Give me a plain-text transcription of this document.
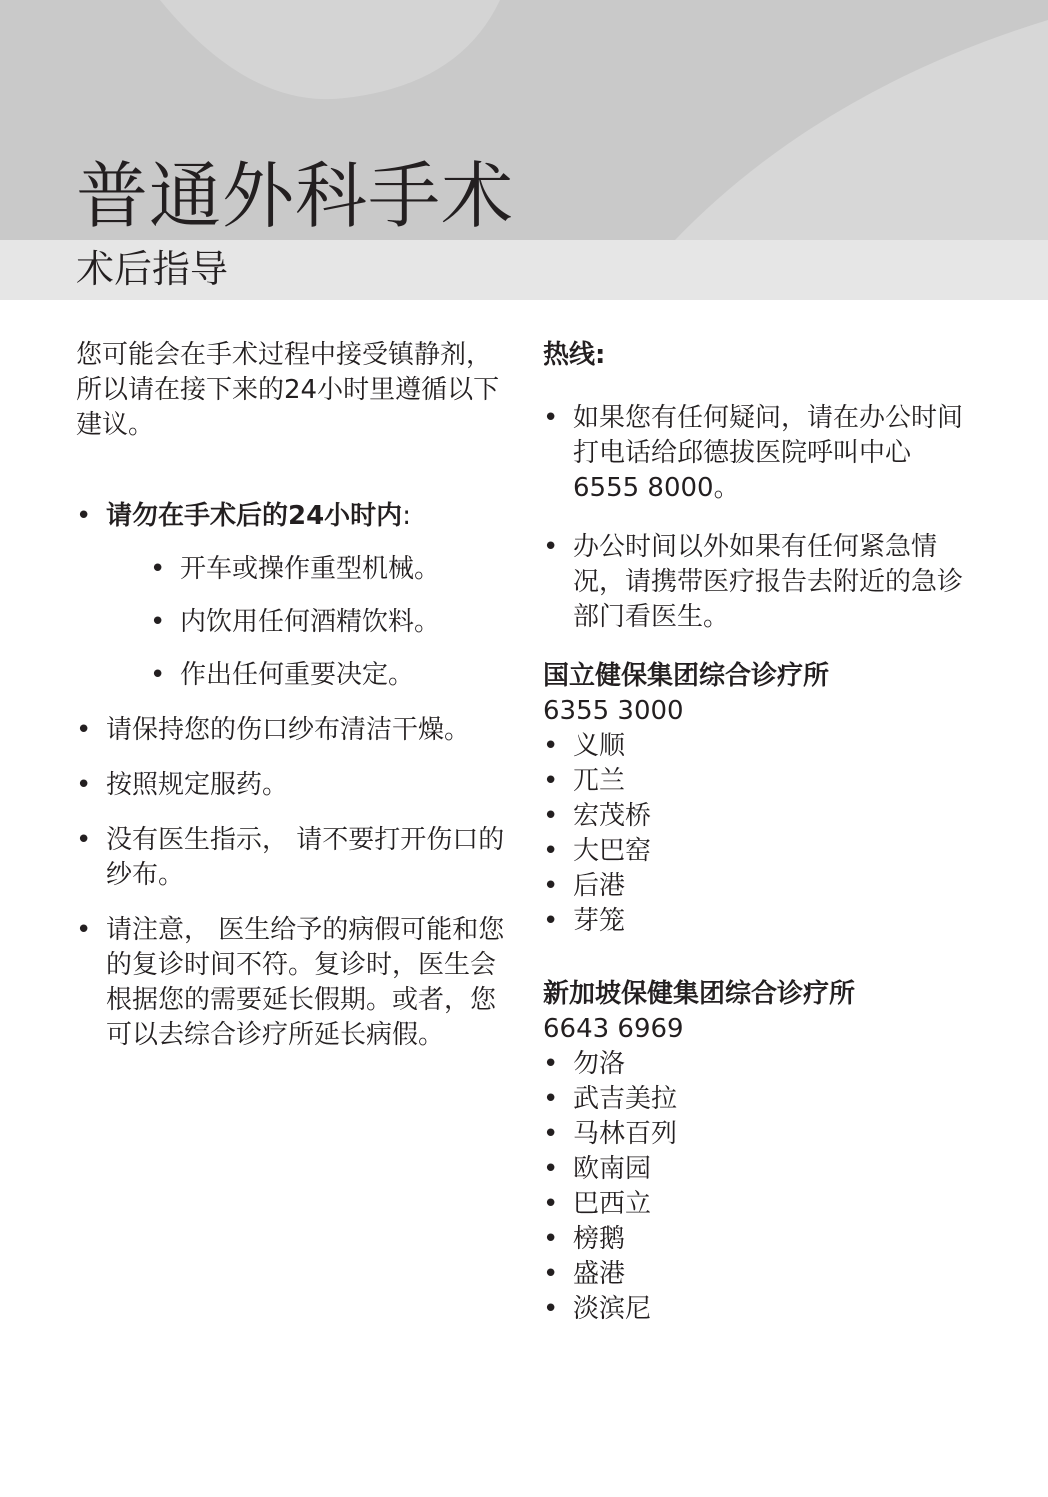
普通外科手术
术后指导

您可能会在手术过程中接受镇静剂，所以请在接下来的24小时里遵循以下建议。

• 请勿在手术后的24小时内:
• 开车或操作重型机械。
• 内饮用任何酒精饮料。
• 作出任何重要决定。
• 请保持您的伤口纱布清洁干燥。
• 按照规定服药。
• 没有医生指示， 请不要打开伤口的纱布。
• 请注意， 医生给予的病假可能和您的复诊时间不符。复诊时，医生会根据您的需要延长假期。或者，您可以去综合诊疗所延长病假。

热线:

• 如果您有任何疑问，请在办公时间打电话给邱德拔医院呼叫中心 6555 8000。
• 办公时间以外如果有任何紧急情况，请携带医疗报告去附近的急诊部门看医生。

国立健保集团综合诊疗所

6355 3000

• 义顺
• 兀兰
• 宏茂桥
• 大巴窑
• 后港
• 芽笼

新加坡保健集团综合诊疗所

6643 6969

• 勿洛
• 武吉美拉
• 马林百列
• 欧南园
• 巴西立
• 榜鹅
• 盛港
• 淡滨尼
